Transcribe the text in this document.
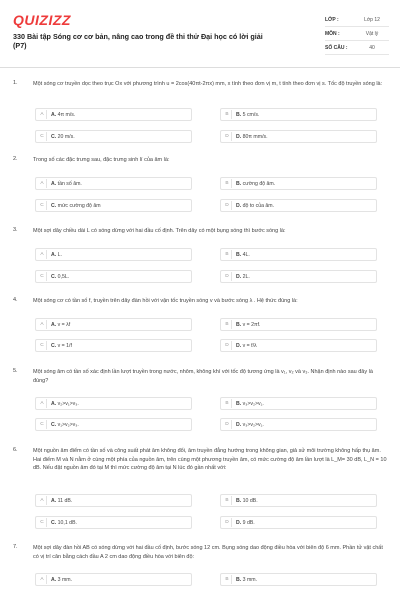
QUIZIZZ
330 Bài tập Sóng cơ cơ bản, nâng cao trong đề thi thử Đại học có lời giải (P7)
LỚP :	Lớp 12
MÔN :	Vật lý
SỐ CÂU :	40
1.	Một sóng cơ truyền dọc theo trục Ox với phương trình u = 2cos(40πt-2πx) mm, x tính theo đơn vị m, t tính theo đơn vị s. Tốc độ truyền sóng là:
A	A. 4π m/s.	B	B. 5 cm/s.
C	C. 20 m/s.	D	D. 80π mm/s.
2.	Trong số các đặc trưng sau, đặc trưng sinh lí của âm là:
A	A. tần số âm.	B	B. cường độ âm.
C	C. mức cường độ âm	D	D. độ to của âm.
3.	Một sợi dây chiều dài L có sóng dừng với hai đầu cố định. Trên dây có một bụng sóng thì bước sóng là:
A	A. L.	B	B. 4L.
C	C. 0,5L.	D	D. 2L.
4.	Một sóng cơ có tần số f, truyền trên dây đàn hồi với vận tốc truyền sóng v và bước sóng λ . Hệ thức đúng là:
A	A. v = λf	B	B. v = 2πf.
C	C. v = 1/f	D	D. v = f/λ
5.	Một sóng âm có tần số xác định lần lượt truyền trong nước, nhôm, không khí với tốc độ tương ứng là v₁, v₂ và v₃. Nhận định nào sau đây là đúng?
A	A. v₂>v₁>v₃.	B	B. v₃>v₂>v₁.
C	C. v₁>v₂>v₃.	D	D. v₃>v₂>v₁.
6.	Một nguồn âm điểm có tần số và công suất phát âm không đổi, âm truyền đẳng hướng trong không gian, giả sử môi trường không hấp thụ âm. Hai điểm M và N nằm ở cùng một phía của nguồn âm, trên cùng một phương truyền âm, có mức cường độ âm lần lượt là L_M= 30 dB, L_N = 10 dB. Nếu đặt nguồn âm đó tại M thì mức cường độ âm tại N lúc đó gần nhất với:
A	A. 11 dB.	B	B. 10 dB.
C	C. 10,1 dB.	D	D. 9 dB.
7.	Một sợi dây đàn hồi AB có sóng dừng với hai đầu cố định, bước sóng 12 cm. Bụng sóng dao động điều hòa với biên độ 6 mm. Phần tử vật chất có vị trí cân bằng cách đầu A 2 cm dao động điều hòa với biên độ:
A	A. 3 mm.	B	B. 3 mm.
